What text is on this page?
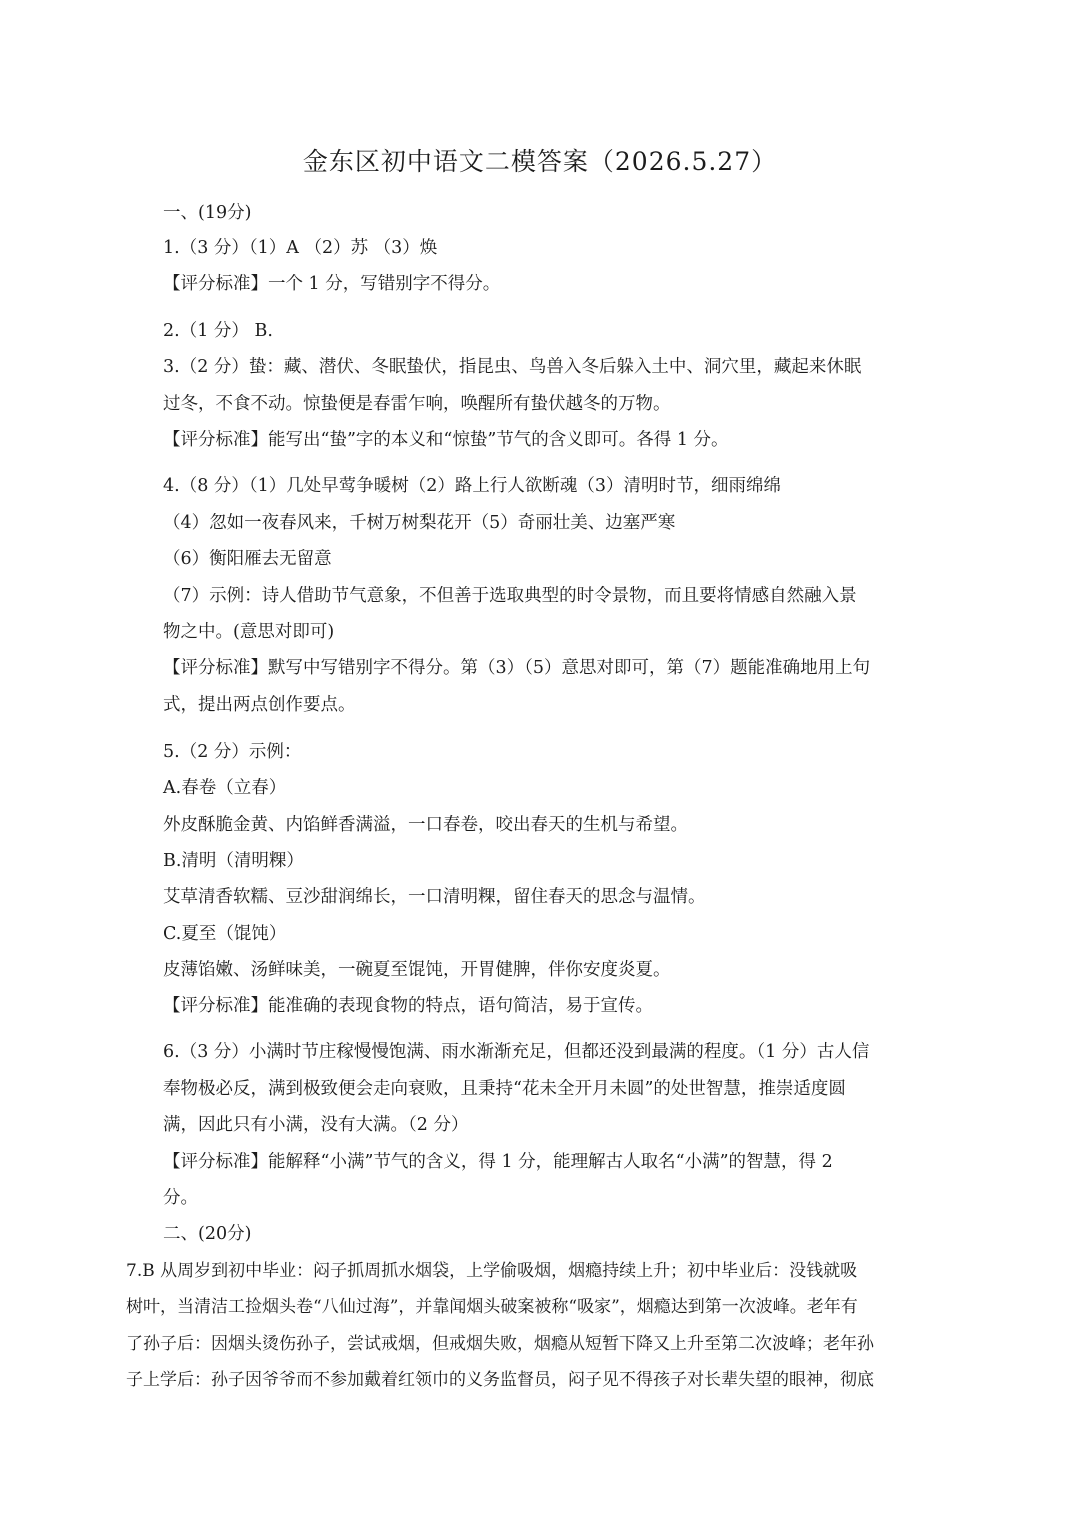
金东区初中语文二模答案（2026.5.27）
一、(19分)
1.（3 分）（1）A （2）苏 （3）焕
【评分标准】一个 1 分，写错别字不得分。
2.（1 分） B.
3.（2 分）蛰：藏、潜伏、冬眠蛰伏，指昆虫、鸟兽入冬后躲入土中、洞穴里，藏起来休眠
过冬，不食不动。惊蛰便是春雷乍响，唤醒所有蛰伏越冬的万物。
【评分标准】能写出“蛰”字的本义和“惊蛰”节气的含义即可。各得 1 分。
4.（8 分）（1）几处早莺争暖树（2）路上行人欲断魂（3）清明时节，细雨绵绵
（4）忽如一夜春风来，千树万树梨花开（5）奇丽壮美、边塞严寒
（6）衡阳雁去无留意
（7）示例：诗人借助节气意象，不但善于选取典型的时令景物，而且要将情感自然融入景
物之中。(意思对即可)
【评分标准】默写中写错别字不得分。第（3）（5）意思对即可，第（7）题能准确地用上句
式，提出两点创作要点。
5.（2 分）示例：
A.春卷（立春）
外皮酥脆金黄、内馅鲜香满溢，一口春卷，咬出春天的生机与希望。
B.清明（清明粿）
艾草清香软糯、豆沙甜润绵长，一口清明粿，留住春天的思念与温情。
C.夏至（馄饨）
皮薄馅嫩、汤鲜味美，一碗夏至馄饨，开胃健脾，伴你安度炎夏。
【评分标准】能准确的表现食物的特点，语句简洁，易于宣传。
6.（3 分）小满时节庄稼慢慢饱满、雨水渐渐充足，但都还没到最满的程度。（1 分）古人信
奉物极必反，满到极致便会走向衰败，且秉持“花未全开月未圆”的处世智慧，推崇适度圆
满，因此只有小满，没有大满。（2 分）
【评分标准】能解释“小满”节气的含义，得 1 分，能理解古人取名“小满”的智慧，得 2
分。
二、(20分)
7.B 从周岁到初中毕业：闷子抓周抓水烟袋，上学偷吸烟，烟瘾持续上升；初中毕业后：没钱就吸
树叶，当清洁工捡烟头卷“八仙过海”，并靠闻烟头破案被称“吸家”，烟瘾达到第一次波峰。老年有
了孙子后：因烟头烫伤孙子，尝试戒烟，但戒烟失败，烟瘾从短暂下降又上升至第二次波峰；老年孙
子上学后：孙子因爷爷而不参加戴着红领巾的义务监督员，闷子见不得孩子对长辈失望的眼神，彻底
